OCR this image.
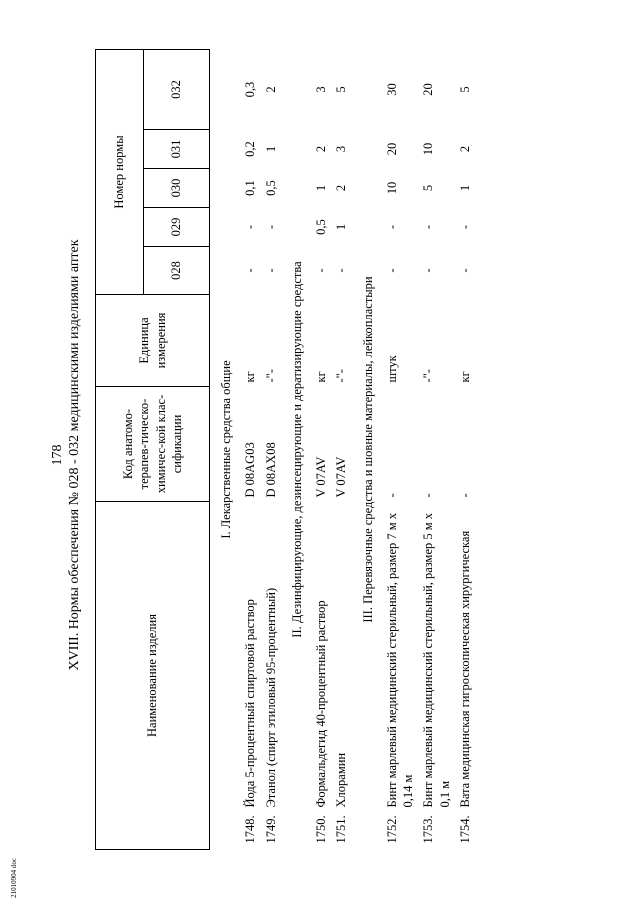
178 XVIII. Нормы обеспечения № 028 - 032 медицинскими изделиями аптек
21010904 doc
Наименование изделия		Код анатомо-терапев-тическо-химичес-кой клас-сификации	Единица измерения	Номер нормы				
				028	029	030	031	032
I. Лекарственные средства общие								
1748.	Йода 5-процентный спиртовой раствор	D 08AG03	кг	-	-	0,1	0,2	0,3
1749.	Этанол (спирт этиловый 95-процентный)	D 08AX08	-"-	-	-	0,5	1	2
II. Дезинфицирующие, дезинсецирующие и дератизирующие средства								
1750.	Формальдегид 40-процентный раствор	V 07AV	кг	-	0,5	1	2	3
1751.	Хлорамин	V 07AV	-"-	-	1	2	3	5
III. Перевязочные средства и шовные материалы, лейкопластыри								
1752.	Бинт марлевый медицинский стерильный, размер 7 м х 0,14 м	-	штук	-	-	10	20	30
1753.	Бинт марлевый медицинский стерильный, размер 5 м х 0,1 м	-	-"-	-	-	5	10	20
1754.	Вата медицинская гигроскопическая хирургическая	-	кг	-	-	1	2	5
